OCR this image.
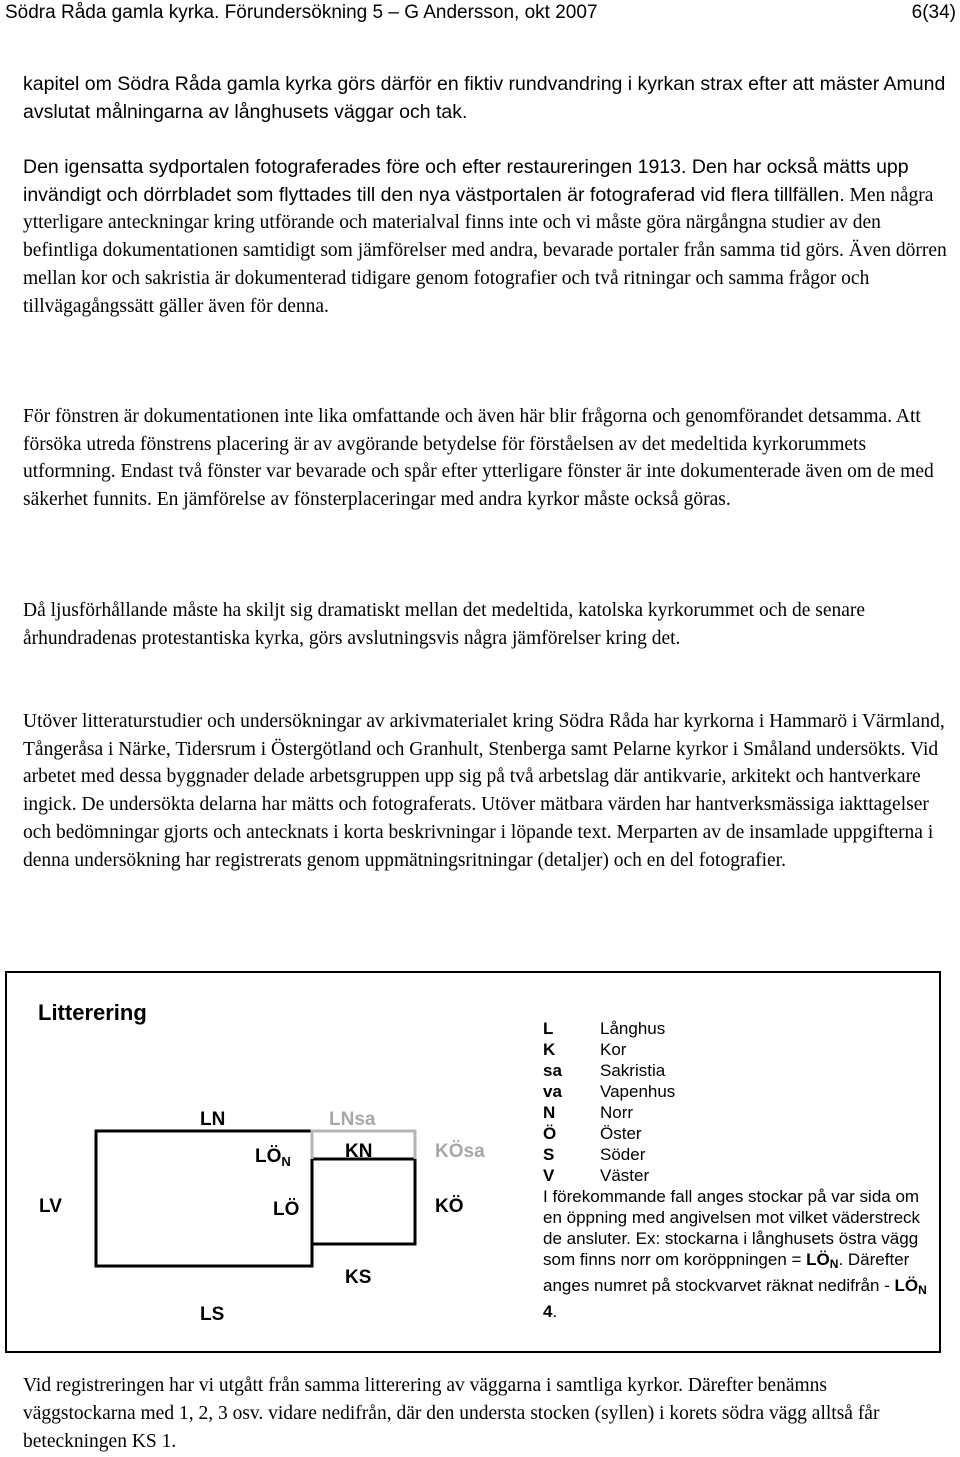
Södra Råda gamla kyrka. Förundersökning 5 – G Andersson, okt 2007	6(34)

kapitel om Södra Råda gamla kyrka görs därför en fiktiv rundvandring i kyrkan strax efter att mäster Amund avslutat målningarna av långhusets väggar och tak.

Den igensatta sydportalen fotograferades före och efter restaureringen 1913. Den har också mätts upp invändigt och dörrbladet som flyttades till den nya västportalen är fotograferad vid flera tillfällen. Men några ytterligare anteckningar kring utförande och materialval finns inte och vi måste göra närgångna studier av den befintliga dokumentationen samtidigt som jämförelser med andra, bevarade portaler från samma tid görs. Även dörren mellan kor och sakristia är dokumenterad tidigare genom fotografier och två ritningar och samma frågor och tillvägagångssätt gäller även för denna.

För fönstren är dokumentationen inte lika omfattande och även här blir frågorna och genomförandet detsamma. Att försöka utreda fönstrens placering är av avgörande betydelse för förståelsen av det medeltida kyrkorummets utformning. Endast två fönster var bevarade och spår efter ytterligare fönster är inte dokumenterade även om de med säkerhet funnits. En jämförelse av fönsterplaceringar med andra kyrkor måste också göras.

Då ljusförhållande måste ha skiljt sig dramatiskt mellan det medeltida, katolska kyrkorummet och de senare århundradenas protestantiska kyrka, görs avslutningsvis några jämförelser kring det.

Utöver litteraturstudier och undersökningar av arkivmaterialet kring Södra Råda har kyrkorna i Hammarö i Värmland, Tångeråsa i Närke, Tidersrum i Östergötland och Granhult, Stenberga samt Pelarne kyrkor i Småland undersökts. Vid arbetet med dessa byggnader delade arbetsgruppen upp sig på två arbetslag där antikvarie, arkitekt och hantverkare ingick. De undersökta delarna har mätts och fotograferats. Utöver mätbara värden har hantverksmässiga iakttagelser och bedömningar gjorts och antecknats i korta beskrivningar i löpande text. Merparten av de insamlade uppgifterna i denna undersökning har registrerats genom uppmätningsritningar (detaljer) och en del fotografier.

Litterering
LN	LNsa
$LÖ_N$	KN	KÖsa
LV	LÖ	KÖ
KS
LS
L	Långhus
K	Kor
sa	Sakristia
va	Vapenhus
N	Norr
Ö	Öster
S	Söder
V	Väster
I förekommande fall anges stockar på var sida om en öppning med angivelsen mot vilket väderstreck de ansluter. Ex: stockarna i långhusets östra vägg som finns norr om koröppningen = $LÖ_N$. Därefter anges numret på stockvarvet räknat nedifrån - $LÖ_N$ 4.

Vid registreringen har vi utgått från samma litterering av väggarna i samtliga kyrkor. Därefter benämns väggstockarna med 1, 2, 3 osv. vidare nedifrån, där den understa stocken (syllen) i korets södra vägg alltså får beteckningen KS 1.
